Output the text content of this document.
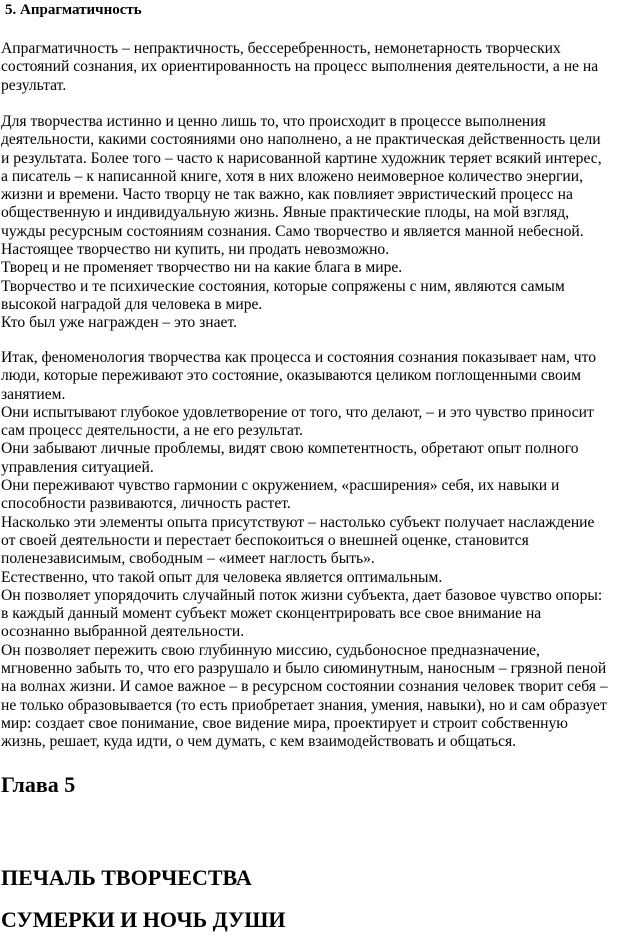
5. Апрагматичность
Апрагматичность – непрактичность, бессеребренность, немонетарность творческих
состояний сознания, их ориентированность на процесс выполнения деятельности, а не на
результат.
Для творчества истинно и ценно лишь то, что происходит в процессе выполнения
деятельности, какими состояниями оно наполнено, а не практическая действенность цели
и результата. Более того – часто к нарисованной картине художник теряет всякий интерес,
а писатель – к написанной книге, хотя в них вложено неимоверное количество энергии,
жизни и времени. Часто творцу не так важно, как повлияет эвристический процесс на
общественную и индивидуальную жизнь. Явные практические плоды, на мой взгляд,
чужды ресурсным состояниям сознания. Само творчество и является манной небесной.
Настоящее творчество ни купить, ни продать невозможно.
Творец и не променяет творчество ни на какие блага в мире.
Творчество и те психические состояния, которые сопряжены с ним, являются самым
высокой наградой для человека в мире.
Кто был уже награжден – это знает.
Итак, феноменология творчества как процесса и состояния сознания показывает нам, что
люди, которые переживают это состояние, оказываются целиком поглощенными своим
занятием.
Они испытывают глубокое удовлетворение от того, что делают, – и это чувство приносит
сам процесс деятельности, а не его результат.
Они забывают личные проблемы, видят свою компетентность, обретают опыт полного
управления ситуацией.
Они переживают чувство гармонии с окружением, «расширения» себя, их навыки и
способности развиваются, личность растет.
Насколько эти элементы опыта присутствуют – настолько субъект получает наслаждение
от своей деятельности и перестает беспокоиться о внешней оценке, становится
поленезависимым, свободным – «имеет наглость быть».
Естественно, что такой опыт для человека является оптимальным.
Он позволяет упорядочить случайный поток жизни субъекта, дает базовое чувство опоры:
в каждый данный момент субъект может сконцентрировать все свое внимание на
осознанно выбранной деятельности.
Он позволяет пережить свою глубинную миссию, судьбоносное предназначение,
мгновенно забыть то, что его разрушало и было сиюминутным, наносным – грязной пеной
на волнах жизни. И самое важное – в ресурсном состоянии сознания человек творит себя –
не только образовывается (то есть приобретает знания, умения, навыки), но и сам образует
мир: создает свое понимание, свое видение мира, проектирует и строит собственную
жизнь, решает, куда идти, о чем думать, с кем взаимодействовать и общаться.
Глава 5
ПЕЧАЛЬ ТВОРЧЕСТВА
СУМЕРКИ И НОЧЬ ДУШИ
